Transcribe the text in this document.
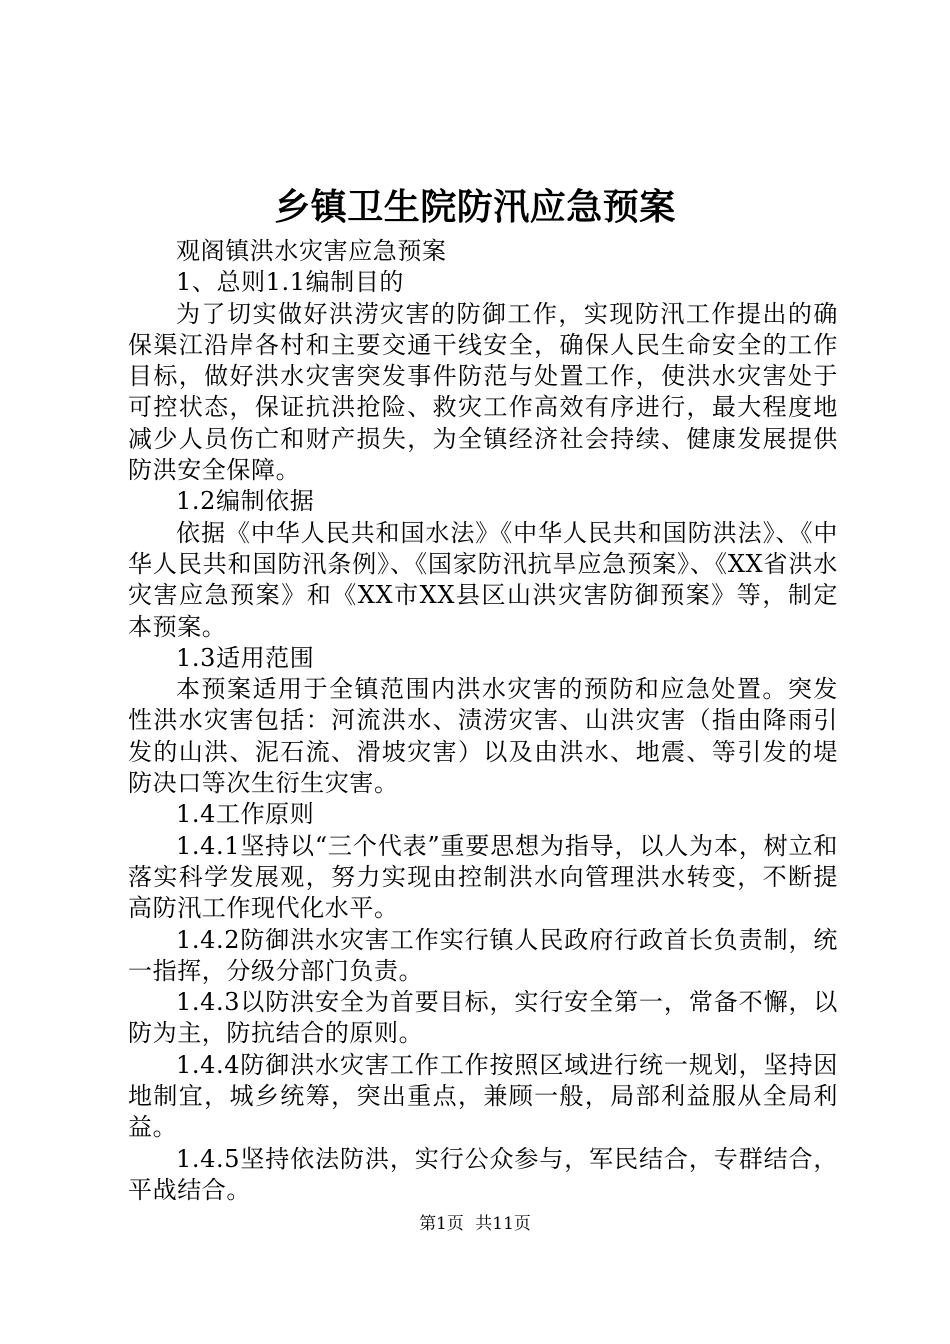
乡镇卫生院防汛应急预案

观阁镇洪水灾害应急预案

1、总则1.1编制目的

为了切实做好洪涝灾害的防御工作，实现防汛工作提出的确保渠江沿岸各村和主要交通干线安全，确保人民生命安全的工作目标，做好洪水灾害突发事件防范与处置工作，使洪水灾害处于可控状态，保证抗洪抢险、救灾工作高效有序进行，最大程度地减少人员伤亡和财产损失，为全镇经济社会持续、健康发展提供防洪安全保障。

1.2编制依据

依据《中华人民共和国水法》《中华人民共和国防洪法》、《中华人民共和国防汛条例》、《国家防汛抗旱应急预案》、《XX省洪水灾害应急预案》和《XX市XX县区山洪灾害防御预案》等，制定本预案。

1.3适用范围

本预案适用于全镇范围内洪水灾害的预防和应急处置。突发性洪水灾害包括：河流洪水、渍涝灾害、山洪灾害（指由降雨引发的山洪、泥石流、滑坡灾害）以及由洪水、地震、等引发的堤防决口等次生衍生灾害。

1.4工作原则

1.4.1坚持以“三个代表”重要思想为指导，以人为本，树立和落实科学发展观，努力实现由控制洪水向管理洪水转变，不断提高防汛工作现代化水平。

1.4.2防御洪水灾害工作实行镇人民政府行政首长负责制，统一指挥，分级分部门负责。

1.4.3以防洪安全为首要目标，实行安全第一，常备不懈，以防为主，防抗结合的原则。

1.4.4防御洪水灾害工作工作按照区域进行统一规划，坚持因地制宜，城乡统筹，突出重点，兼顾一般，局部利益服从全局利益。

1.4.5坚持依法防洪，实行公众参与，军民结合，专群结合，平战结合。

第1页 共11页
